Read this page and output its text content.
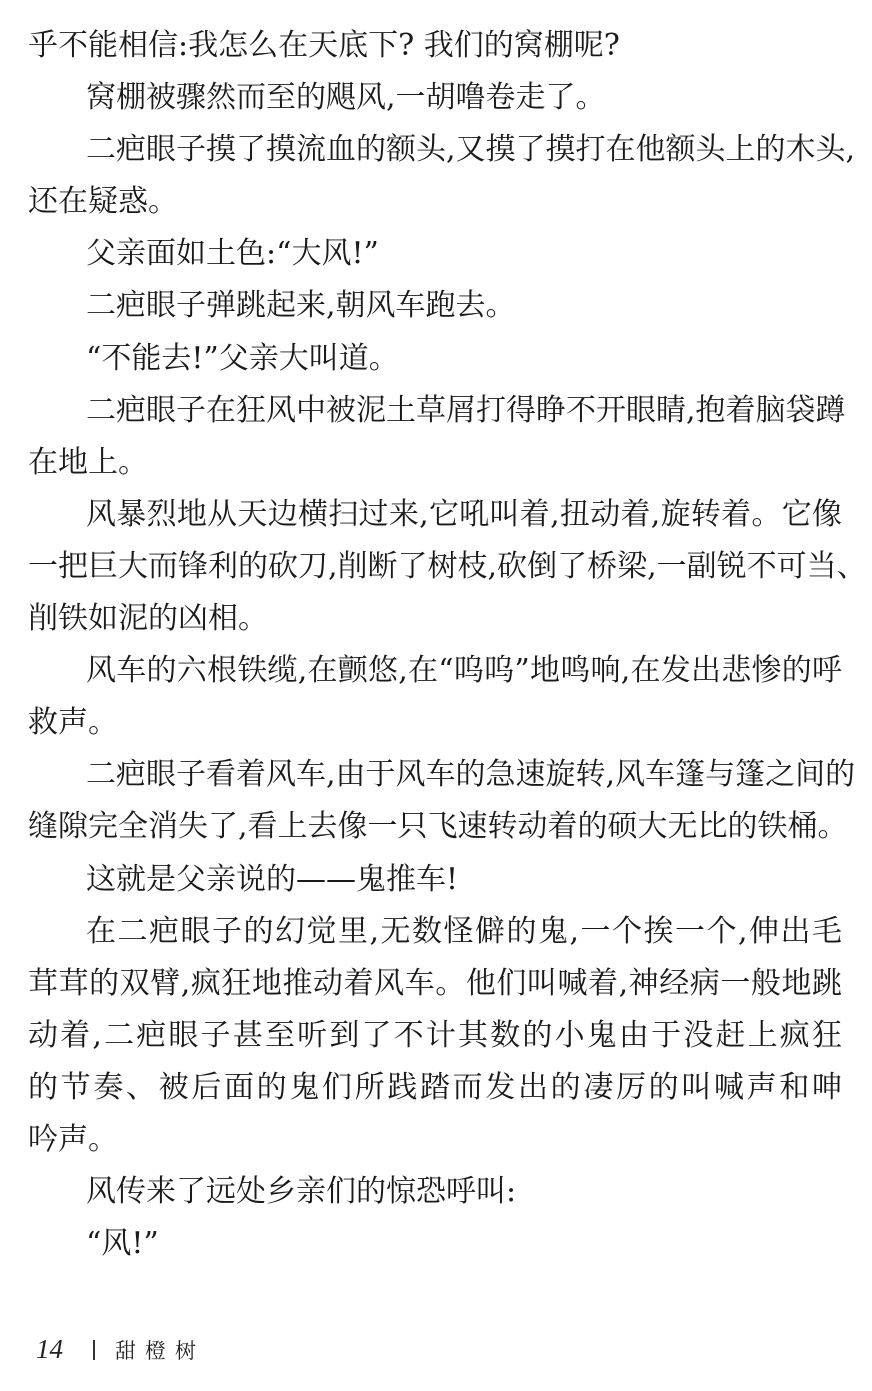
乎不能相信:我怎么在天底下? 我们的窝棚呢?
窝棚被骤然而至的飓风,一胡噜卷走了。
二疤眼子摸了摸流血的额头,又摸了摸打在他额头上的木头,
还在疑惑。
父亲面如土色:“大风!”
二疤眼子弹跳起来,朝风车跑去。
“不能去!”父亲大叫道。
二疤眼子在狂风中被泥土草屑打得睁不开眼睛,抱着脑袋蹲
在地上。
风暴烈地从天边横扫过来,它吼叫着,扭动着,旋转着。它像
一把巨大而锋利的砍刀,削断了树枝,砍倒了桥梁,一副锐不可当、
削铁如泥的凶相。
风车的六根铁缆,在颤悠,在“呜呜”地鸣响,在发出悲惨的呼
救声。
二疤眼子看着风车,由于风车的急速旋转,风车篷与篷之间的
缝隙完全消失了,看上去像一只飞速转动着的硕大无比的铁桶。
这就是父亲说的——鬼推车!
在二疤眼子的幻觉里,无数怪僻的鬼,一个挨一个,伸出毛
茸茸的双臂,疯狂地推动着风车。他们叫喊着,神经病一般地跳
动着,二疤眼子甚至听到了不计其数的小鬼由于没赶上疯狂
的节奏、被后面的鬼们所践踏而发出的凄厉的叫喊声和呻
吟声。
风传来了远处乡亲们的惊恐呼叫:
“风!”
14 甜橙树
